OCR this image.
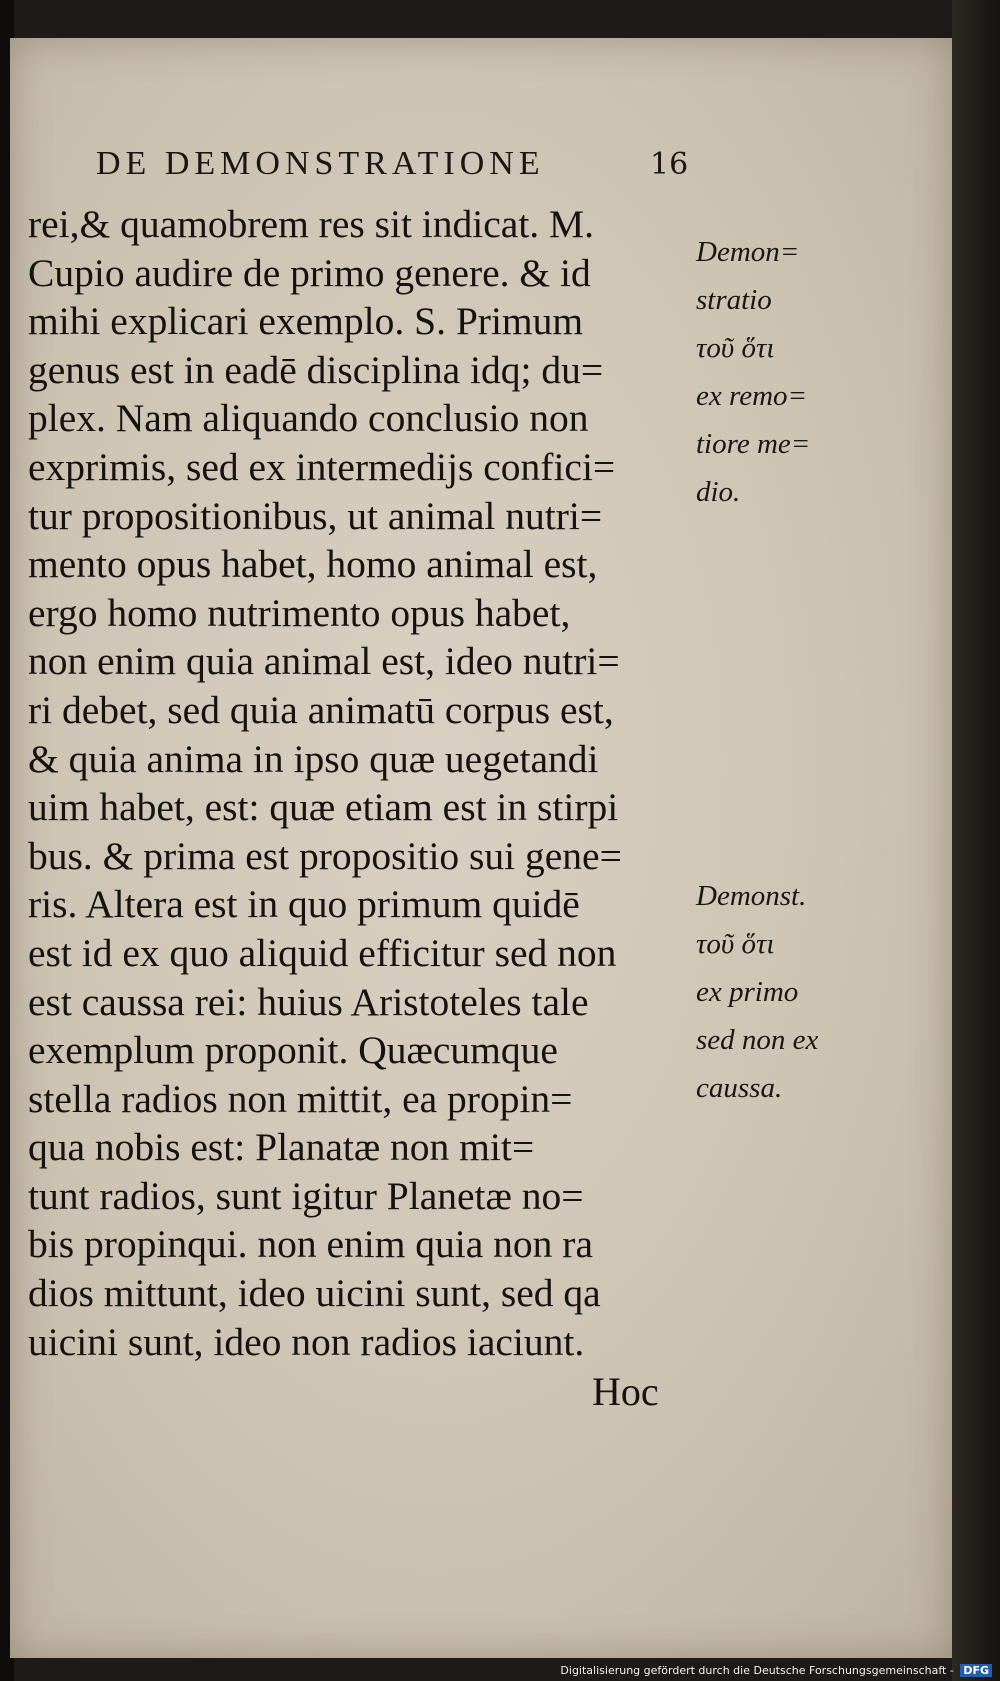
DE DEMONSTRATIONE	16
rei,& quamobrem res sit indicat. M.
Cupio audire de primo genere. & id
mihi explicari exemplo. S. Primum
genus est in eadē disciplina idq; du=
plex. Nam aliquando conclusio non
exprimis, sed ex intermedijs confici=
tur propositionibus, ut animal nutri=
mento opus habet, homo animal est,
ergo homo nutrimento opus habet,
non enim quia animal est, ideo nutri=
ri debet, sed quia animatū corpus est,
& quia anima in ipso quæ uegetandi
uim habet, est: quæ etiam est in stirpi
bus. & prima est propositio sui gene=
ris. Altera est in quo primum quidē
est id ex quo aliquid efficitur sed non
est caussa rei: huius Aristoteles tale
exemplum proponit. Quæcumque
stella radios non mittit, ea propin=
qua nobis est: Planatæ non mit=
tunt radios, sunt igitur Planetæ no=
bis propinqui. non enim quia non ra
dios mittunt, ideo uicini sunt, sed qa
uicini sunt, ideo non radios iaciunt.
Hoc
Demon=
stratio
τοῦ ὅτι
ex remo=
tiore me=
dio.
Demonst.
τοῦ ὅτι
ex primo
sed non ex
caussa.
Digitalisierung gefördert durch die Deutsche Forschungsgemeinschaft - DFG
